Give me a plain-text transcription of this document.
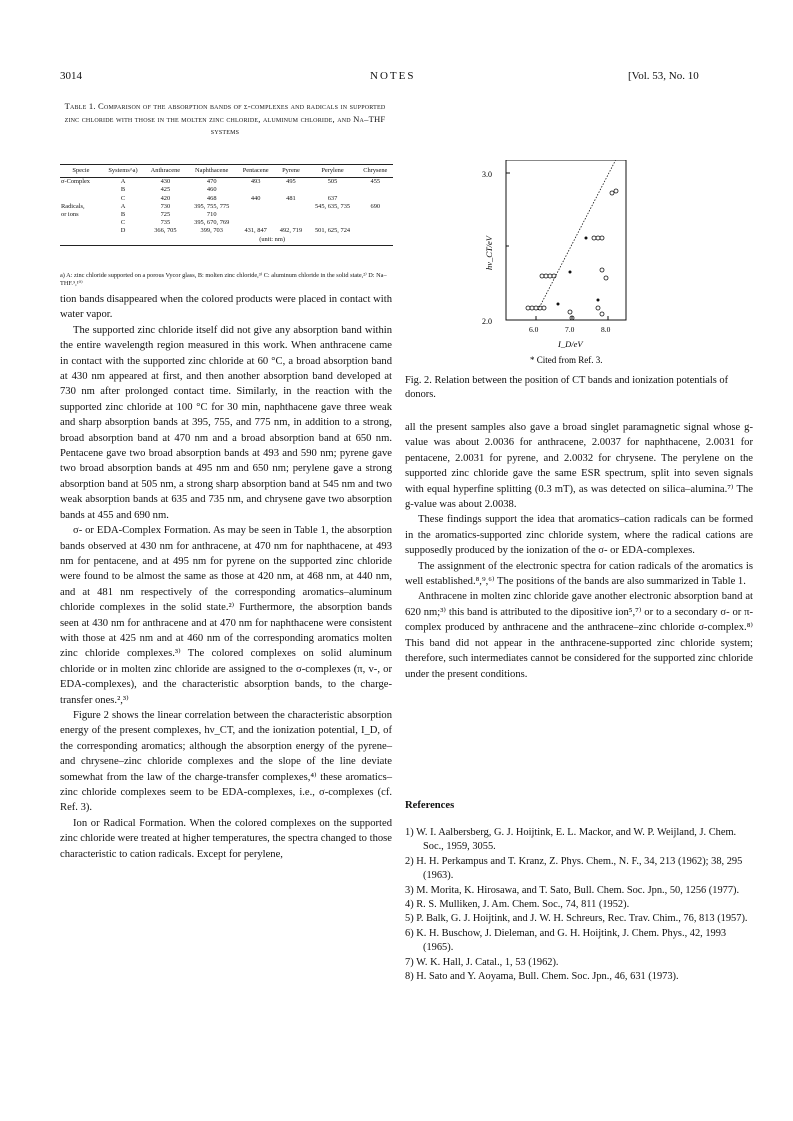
3014	NOTES	[Vol. 53, No. 10
Table 1. Comparison of the absorption bands of σ-complexes and radicals in supported zinc chloride with those in the molten zinc chloride, aluminum chloride, and Na–THF systems
Specie	Systems^a)	Anthracene	Naphthacene	Pentacene	Pyrene	Perylene	Chrysene
σ-Complex	A	430	470	493	495	505	455
	B	425	460				
	C	420	468	440	481	637	
Radicals,	A	730	395, 755, 775			545, 635, 735	690
or ions	B	725	710				
	C	735	395, 670, 769				
	D	366, 705	399, 703	431, 847	492, 719	501, 625, 724	
				(unit: nm)			
a) A: zinc chloride supported on a porous Vycor glass, B: molten zinc chloride,³⁾ C: aluminum chloride in the solid state,²⁾ D: Na–THF.⁹,¹⁰⁾
3.0
2.0
6.0	7.0	8.0
hν_CT/eV
I_D/eV
* Cited from Ref. 3.
Fig. 2. Relation between the position of CT bands and ionization potentials of donors.

tion bands disappeared when the colored products were placed in contact with water vapor.

The supported zinc chloride itself did not give any absorption band within the entire wavelength region measured in this work. When anthracene came in contact with the supported zinc chloride at 60 °C, a broad absorption band at 430 nm appeared at first, and then another absorption band developed at 730 nm after prolonged contact time. Similarly, in the reaction with the supported zinc chloride at 100 °C for 30 min, naphthacene gave three weak and sharp absorption bands at 395, 755, and 775 nm, in addition to a strong, broad absorption band at 470 nm and a broad absorption band at 650 nm. Pentacene gave two broad absorption bands at 493 and 590 nm; pyrene gave two broad absorption bands at 495 nm and 650 nm; perylene gave a strong absorption band at 505 nm, a strong sharp absorption band at 545 nm and two weak absorption bands at 635 and 735 nm, and chrysene gave two absorption bands at 455 and 690 nm.

σ- or EDA-Complex Formation. As may be seen in Table 1, the absorption bands observed at 430 nm for anthracene, at 470 nm for naphthacene, at 493 nm for pentacene, and at 495 nm for pyrene on the supported zinc chloride were found to be almost the same as those at 420 nm, at 468 nm, at 440 nm, and at 481 nm respectively of the corresponding aromatics–aluminum chloride complexes in the solid state.²⁾ Furthermore, the absorption bands seen at 430 nm for anthracene and at 470 nm for naphthacene were consistent with those at 425 nm and at 460 nm of the corresponding aromatics molten zinc chloride complexes.³⁾ The colored complexes on solid aluminum chloride or in molten zinc chloride are assigned to the σ-complexes (π, v-, or EDA-complexes), and the characteristic absorption bands, to the charge-transfer ones.²,³⁾

Figure 2 shows the linear correlation between the characteristic absorption energy of the present complexes, hν_CT, and the ionization potential, I_D, of the corresponding aromatics; although the absorption energy of the pyrene– and chrysene–zinc chloride complexes and the slope of the line deviate somewhat from the law of the charge-transfer complexes,⁴⁾ these aromatics–zinc chloride complexes seem to be EDA-complexes, i.e., σ-complexes (cf. Ref. 3).

Ion or Radical Formation. When the colored complexes on the supported zinc chloride were treated at higher temperatures, the spectra changed to those characteristic to cation radicals. Except for perylene,

all the present samples also gave a broad singlet paramagnetic signal whose g-value was about 2.0036 for anthracene, 2.0037 for naphthacene, 2.0031 for pentacene, 2.0031 for pyrene, and 2.0032 for chrysene. The perylene on the supported zinc chloride gave the same ESR spectrum, split into seven signals with equal hyperfine splitting (0.3 mT), as was detected on silica–alumina.⁷⁾ The g-value was about 2.0038.

These findings support the idea that aromatics–cation radicals can be formed in the aromatics-supported zinc chloride system, where the radical cations are supposedly produced by the ionization of the σ- or EDA-complexes.

The assignment of the electronic spectra for cation radicals of the aromatics is well established.⁸,⁹,⁶⁾ The positions of the bands are also summarized in Table 1.

Anthracene in molten zinc chloride gave another electronic absorption band at 620 nm;³⁾ this band is attributed to the dipositive ion⁵,⁷⁾ or to a secondary σ- or π-complex produced by anthracene and the anthracene–zinc chloride σ-complex.⁸⁾ This band did not appear in the anthracene-supported zinc chloride system; therefore, such intermediates cannot be considered for the supported zinc chloride under the present conditions.

References
1) W. I. Aalbersberg, G. J. Hoijtink, E. L. Mackor, and W. P. Weijland, J. Chem. Soc., 1959, 3055.
2) H. H. Perkampus and T. Kranz, Z. Phys. Chem., N. F., 34, 213 (1962); 38, 295 (1963).
3) M. Morita, K. Hirosawa, and T. Sato, Bull. Chem. Soc. Jpn., 50, 1256 (1977).
4) R. S. Mulliken, J. Am. Chem. Soc., 74, 811 (1952).
5) P. Balk, G. J. Hoijtink, and J. W. H. Schreurs, Rec. Trav. Chim., 76, 813 (1957).
6) K. H. Buschow, J. Dieleman, and G. H. Hoijtink, J. Chem. Phys., 42, 1993 (1965).
7) W. K. Hall, J. Catal., 1, 53 (1962).
8) H. Sato and Y. Aoyama, Bull. Chem. Soc. Jpn., 46, 631 (1973).
